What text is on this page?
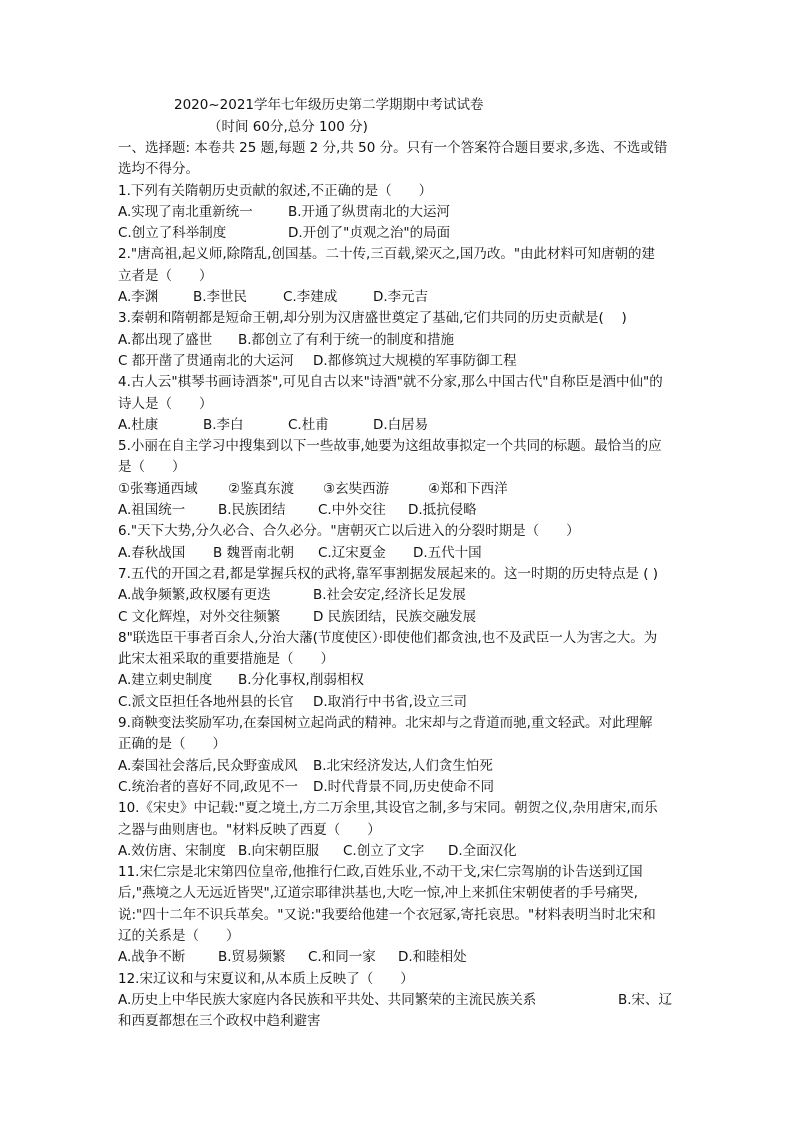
2020~2021学年七年级历史第二学期期中考试试卷
（时间 60分,总分 100 分)
一、选择题: 本卷共 25 题,每题 2 分,共 50 分。只有一个答案符合题目要求,多选、不选或错
选均不得分。
1.下列有关隋朝历史贡献的叙述,不正确的是（　　）
A.实现了南北重新统一	B.开通了纵贯南北的大运河
C.创立了科举制度	D.开创了"贞观之治"的局面
2."唐高祖,起义师,除隋乱,创国基。二十传,三百载,梁灭之,国乃改。"由此材料可知唐朝的建
立者是（　　）
A.李渊	B.李世民	C.李建成	D.李元吉
3.秦朝和隋朝都是短命王朝,却分别为汉唐盛世奠定了基础,它们共同的历史贡献是(　 )
A.都出现了盛世 B.都创立了有利于统一的制度和措施
C 都开凿了贯通南北的大运河 D.都修筑过大规模的军事防御工程
4.古人云"棋琴书画诗酒茶",可见自古以来"诗酒"就不分家,那么中国古代"自称臣是酒中仙"的
诗人是（　　）
A.杜康	B.李白	C.杜甫	D.白居易
5.小丽在自主学习中搜集到以下一些故事,她要为这组故事拟定一个共同的标题。最恰当的应
是（　　）
①张骞通西域 ②鉴真东渡 ③玄奘西游	④郑和下西洋
A.祖国统一 B.民族团结 C.中外交往 D.抵抗侵略
6."天下大势,分久必合、合久必分。"唐朝灭亡以后进入的分裂时期是（　　）
A.春秋战国 B 魏晋南北朝 C.辽宋夏金 D.五代十国
7.五代的开国之君,都是掌握兵权的武将,靠军事割据发展起来的。这一时期的历史特点是 ( )
A.战争频繁,政权屡有更迭	B.社会安定,经济长足发展
C 文化辉煌，对外交往频繁 D 民族团结，民族交融发展
8"联选臣干事者百余人,分治大藩(节度使区）·即使他们都贪浊,也不及武臣一人为害之大。为
此宋太祖采取的重要措施是（　　）
A.建立刺史制度 B.分化事权,削弱相权
C.派文臣担任各地州县的长官 D.取消行中书省,设立三司
9.商鞅变法奖励军功,在秦国树立起尚武的精神。北宋却与之背道而驰,重文轻武。对此理解
正确的是（　　）
A.秦国社会落后,民众野蛮成风 B.北宋经济发达,人们贪生怕死
C.统治者的喜好不同,政见不一 D.时代背景不同,历史使命不同
10.《宋史》中记载:"夏之境土,方二万余里,其设官之制,多与宋同。朝贺之仪,杂用唐宋,而乐
之器与曲则唐也。"材料反映了西夏（　　）
A.效仿唐、宋制度 B.向宋朝臣服 C.创立了文字 D.全面汉化
11.宋仁宗是北宋第四位皇帝,他推行仁政,百姓乐业,不动干戈,宋仁宗驾崩的讣告送到辽国
后,"燕境之人无远近皆哭",辽道宗耶律洪基也,大吃一惊,冲上来抓住宋朝使者的手号痛哭,
说:"四十二年不识兵革矣。"又说:"我要给他建一个衣冠冢,寄托哀思。"材料表明当时北宋和
辽的关系是（　　）
A.战争不断 B.贸易频繁 C.和同一家 D.和睦相处
12.宋辽议和与宋夏议和,从本质上反映了（　　）
A.历史上中华民族大家庭内各民族和平共处、共同繁荣的主流民族关系	B.宋、辽
和西夏都想在三个政权中趋利避害
